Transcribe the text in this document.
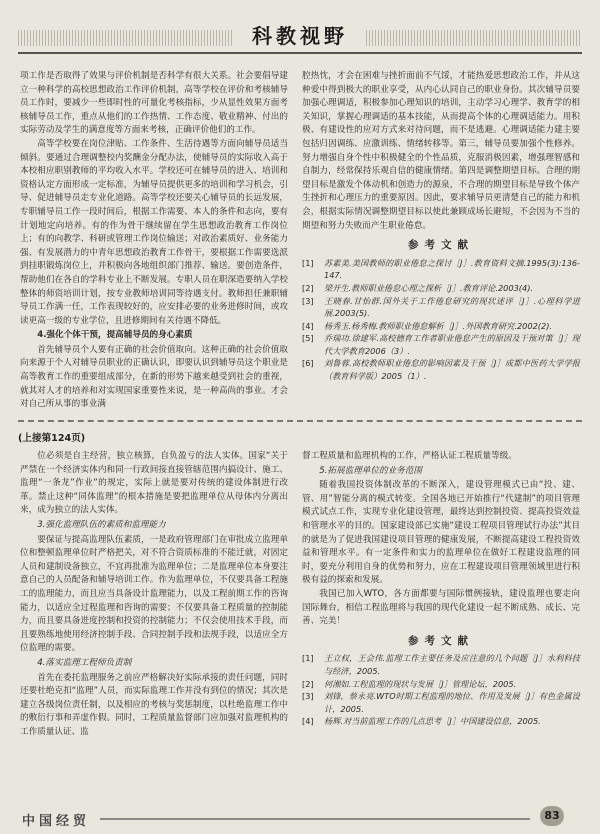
科教视野

项工作是否取得了效果与评价机制是否科学有很大关系。社会要倡导建立一种科学的高校思想政治工作评价机制，高等学校在评价和考核辅导员工作时，要减少一些即时性的可量化考核指标，少从显性效果方面考核辅导员工作，重点从他们的工作热情、工作态度、敬业精神、付出的实际劳动及学生的满意度等方面来考核，正确评价他们的工作。

高等学校要在岗位津贴、工作条件、生活待遇等方面向辅导员适当倾斜。要通过合理调整校内奖酬金分配办法，使辅导员的实际收入高于本校相应职别教师的平均收入水平。学校还可在辅导员的进入、培训和资格认定方面形成一定标准，为辅导员提供更多的培训和学习机会，引导、促进辅导员走专业化道路。高等学校还要关心辅导员的长远发展，专职辅导员工作一段时间后，根据工作需要、本人的条件和志向，要有计划地定向培养。有的作为骨干继续留在学生思想政治教育工作岗位上；有的向教学、科研或管理工作岗位输送；对政治素质好、业务能力强、有发展潜力的中青年思想政治教育工作骨干，要根据工作需要选派到挂职锻炼岗位上，并积极向各地组织部门推荐、输送。要创造条件，帮助他们在各自的学科专业上不断发展。专职人员在职深造要纳入学校整体的师资培训计划，按专业教师培训同等待遇支付。教师担任兼职辅导员工作满一任，工作表现较好的，应安排必要的业务进修时间，或攻读更高一级的专业学位，且进修期间有关待遇不降低。

4.强化个体干预，提高辅导员的身心素质

首先辅导员个人要有正确的社会价值取向。这种正确的社会价值取向来源于个人对辅导员职业的正确认识，即要认识到辅导员这个职业是高等教育工作的重要组成部分，在新的形势下越来越受到社会的重视，就其对人才的培养和对实现国家重要性来说，是一种高尚的事业。才会对自己所从事的事业满

腔热忱，才会在困难与挫折面前不气馁，才能热爱思想政治工作，并从这种爱中得到极大的职业享受，从内心认同自己的职业身份。其次辅导员要加强心理调适，积极参加心理知识的培训，主动学习心理学、教育学的相关知识，掌握心理调适的基本技能，从而提高个体的心理调适能力。用积极、有建设性的应对方式来对待问题，而不是逃避。心理调适能力建主要包括归因调练、应激训练、情绪转移等。第三，辅导员要加强个性修养。努力增强自身个性中积极健全的个性品质，克服消极因素，增强理智感和自制力，经常保持乐观自信的健康情绪。第四是调整期望目标。合理的期望目标是激发个体动机和创造力的源泉，不合理的期望目标是导致个体产生挫折和心理压力的重要原因。因此，要求辅导员更清楚自己的能力和机会，根据实际情况调整期望目标以使此兼顾成场长避短，不会因为不当的期望和努力失败而产生职业倦怠。

参考文献
[1]	苏素美.美国教师的职业倦怠之探讨［J］.教育资料文摘.1995(3):136-147.
[2]	梁开生.教师职业倦怠心理之探析［J］.教育评论.2003(4).
[3]	王晓春.甘怡群.国外关于工作倦怠研究的现状述评［J］.心理科学进展.2003(5).
[4]	杨秀玉.杨秀梅.教师职业倦怠解析［J］.外国教育研究.2002(2).
[5]	乔瑞功.徐建军.高校德育工作者职业倦怠产生的原因及干预对策［J］现代大学教育2006（3）.
[6]	刘鲁蓉.高校教师职业倦怠的影响因素及干预［J］成都中医药大学学报（教育科学版）2005（1）.
(上接第124页)

位必须是自主经营，独立核算，自负盈亏的法人实体。国家“关于严禁在一个经济实体内和同一行政间接直接管辖范围内搞设计、施工、监理“一条龙”作业”的规定，实际上就是要对传统的建设体制进行改革。禁止这种“同体监理”的根本措施是要把监理单位从母体内分离出来，成为独立的法人实体。

3.强化监理队伍的素质和监理能力

要保证与提高监理队伍素质，一是政府管理部门在审批成立监理单位和整顿监理单位时严格把关，对不符合资质标准的不能迁就，对固定人员和建制设备独立，不宜再批准为监理单位；二是监理单位本身要注意自己的人员配备和辅导培训工作。作为监理单位，不仅要具备工程施工的监理能力，而且应当具备设计监理能力，以及工程前期工作的咨询能力，以适应全过程监理和咨询的需要；不仅要具备工程质量的控制能力，而且要具备进度控制和投资的控制能力；不仅会使用技术手段，而且要熟练地使用经济控制手段、合同控制手段和法规手段，以适应全方位监理的需要。

4.落实监理工程师负责制

首先在委托监理服务之前应严格解决好实际承接的责任问题，同时还要杜绝克扣“监理”人员，而实际监理工作并没有到位的情况；其次是建立各级岗位责任制，以及相应的考核与奖惩制度，以杜绝监理工作中的敷衍行事和弄虚作假。同时，工程质量监督部门应加强对监理机构的工作质量认证、监

督工程质量和监理机构的工作，严格认证工程质量等级。

5.拓展监理单位的业务范围

随着我国投资体制改革的不断深入，建设管理模式已由“投、建、管、用”智能分离的模式转变。全国各地已开始推行“代建制”的项目管理模式试点工作，实现专业化建设管理，最终达到控制投资、提高投资效益和管理水平的目的。国家建设部已实施“建设工程项目管理试行办法”其目的就是为了促进我国建设项目管理的健康发展，不断提高建设工程投资效益和管理水平。有一定条件和实力的监理单位在做好工程建设监理的同时，要充分利用自身的优势和努力，应在工程建设项目管理领域里进行积极有益的探索和发展。

我国已加入WTO，各方面都要与国际惯例接轨，建设监理也要走向国际舞台，相信工程监理将与我国的现代化建设一起不断成熟、成长、完善、完美！

参考文献
[1]	王立权，王会伟.监理工作主要任务及应注意的几个问题［J］水利科技与经济，2005.
[2]	何湘如.工程监理的现状与发展［J］管理论坛，2005.
[3]	刘锋，蔡永亮.WTO时期工程监理的地位、作用及发展［J］有色金属设计，2005.
[4]	杨辉.对当前监理工作的几点思考［J］中国建设信息，2005.
中国经贸	83
